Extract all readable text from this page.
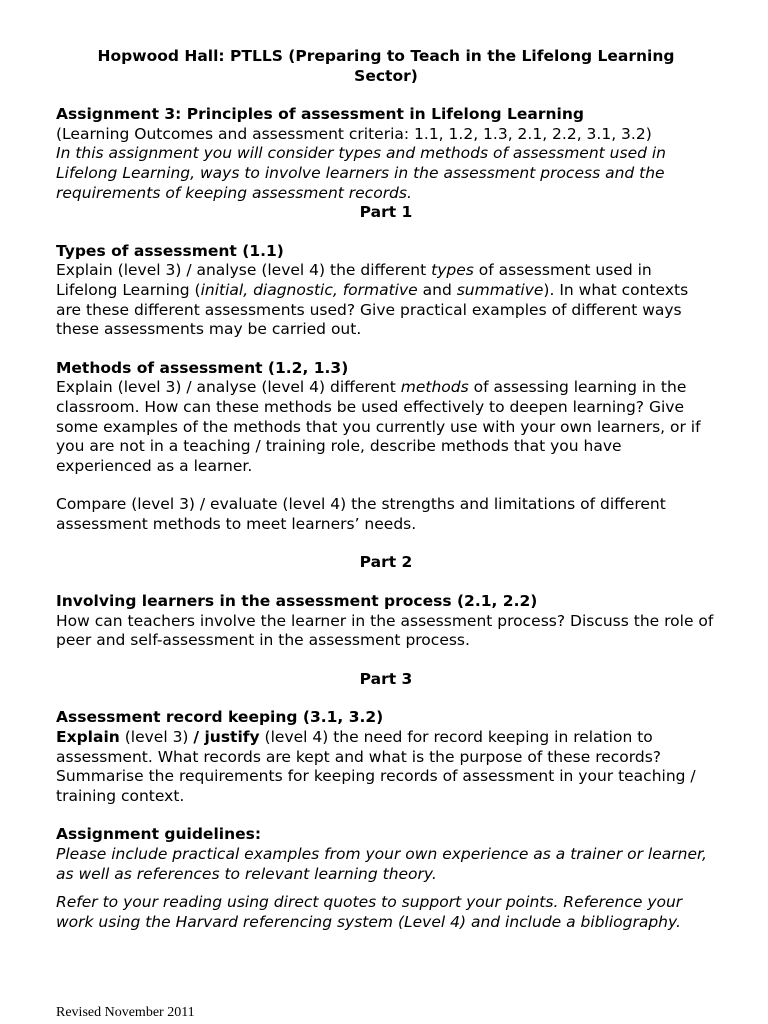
Hopwood Hall: PTLLS (Preparing to Teach in the Lifelong Learning
Sector)

Assignment 3: Principles of assessment in Lifelong Learning

(Learning Outcomes and assessment criteria: 1.1, 1.2, 1.3, 2.1, 2.2, 3.1, 3.2)

In this assignment you will consider types and methods of assessment used in Lifelong Learning, ways to involve learners in the assessment process and the requirements of keeping assessment records.

Part 1

Types of assessment (1.1)

Explain (level 3) / analyse (level 4) the different types of assessment used in Lifelong Learning (initial, diagnostic, formative and summative). In what contexts are these different assessments used? Give practical examples of different ways these assessments may be carried out.

Methods of assessment (1.2, 1.3)

Explain (level 3) / analyse (level 4) different methods of assessing learning in the classroom. How can these methods be used effectively to deepen learning? Give some examples of the methods that you currently use with your own learners, or if you are not in a teaching / training role, describe methods that you have experienced as a learner.

Compare (level 3) / evaluate (level 4) the strengths and limitations of different assessment methods to meet learners’ needs.

Part 2

Involving learners in the assessment process (2.1, 2.2)

How can teachers involve the learner in the assessment process? Discuss the role of peer and self-assessment in the assessment process.

Part 3

Assessment record keeping (3.1, 3.2)

Explain (level 3) / justify (level 4) the need for record keeping in relation to assessment. What records are kept and what is the purpose of these records? Summarise the requirements for keeping records of assessment in your teaching / training context.

Assignment guidelines:

Please include practical examples from your own experience as a trainer or learner, as well as references to relevant learning theory.

Refer to your reading using direct quotes to support your points. Reference your work using the Harvard referencing system (Level 4) and include a bibliography.

Revised November 2011
